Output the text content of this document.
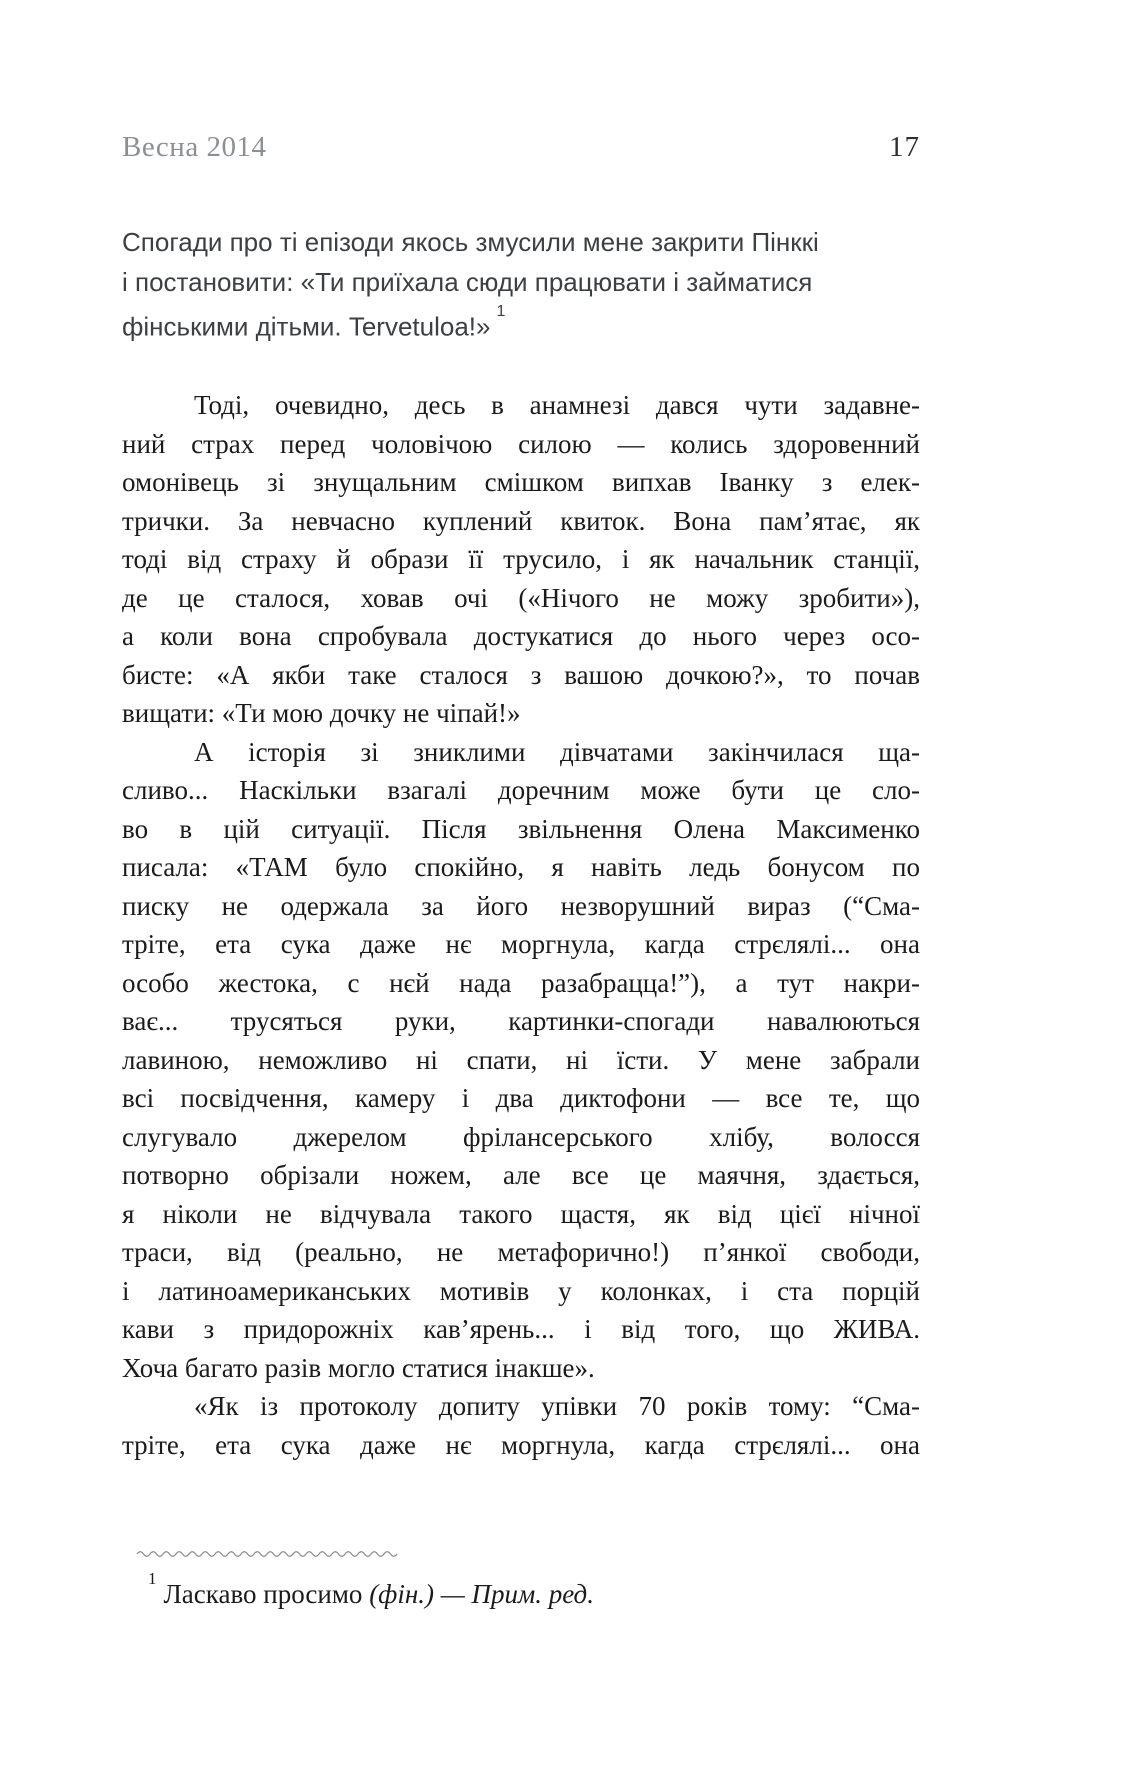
Весна 2014	17
Спогади про ті епізоди якось змусили мене закрити Пінккі
і постановити: «Ти приїхала сюди працювати і займатися
фінськими дітьми. Tervetuloa!»$^1$
Тоді, очевидно, десь в анамнезі дався чути задавне-
ний страх перед чоловічою силою — колись здоровенний
омонівець зі знущальним смішком випхав Іванку з елек-
трички. За невчасно куплений квиток. Вона пам’ятає, як
тоді від страху й образи її трусило, і як начальник станції,
де це сталося, ховав очі («Нічого не можу зробити»),
а коли вона спробувала достукатися до нього через осо-
бисте: «А якби таке сталося з вашою дочкою?», то почав
вищати: «Ти мою дочку не чіпай!»
А історія зі зниклими дівчатами закінчилася ща-
сливо... Наскільки взагалі доречним може бути це сло-
во в цій ситуації. Після звільнення Олена Максименко
писала: «ТАМ було спокійно, я навіть ледь бонусом по
писку не одержала за його незворушний вираз (“Сма-
тріте, ета сука даже нє моргнула, кагда стрєлялі... она
особо жестока, с нєй нада разабрацца!”), а тут накри-
ває... трусяться руки, картинки-спогади навалюються
лавиною, неможливо ні спати, ні їсти. У мене забрали
всі посвідчення, камеру і два диктофони — все те, що
слугувало джерелом фрілансерського хлібу, волосся
потворно обрізали ножем, але все це маячня, здається,
я ніколи не відчувала такого щастя, як від цієї нічної
траси, від (реально, не метафорично!) п’янкої свободи,
і латиноамериканських мотивів у колонках, і ста порцій
кави з придорожніх кав’ярень... і від того, що ЖИВА.
Хоча багато разів могло статися інакше».
«Як із протоколу допиту упівки 70 років тому: “Сма-
тріте, ета сука даже нє моргнула, кагда стрєлялі... она
$^1$Ласкаво просимо (фін.) — Прим. ред.
